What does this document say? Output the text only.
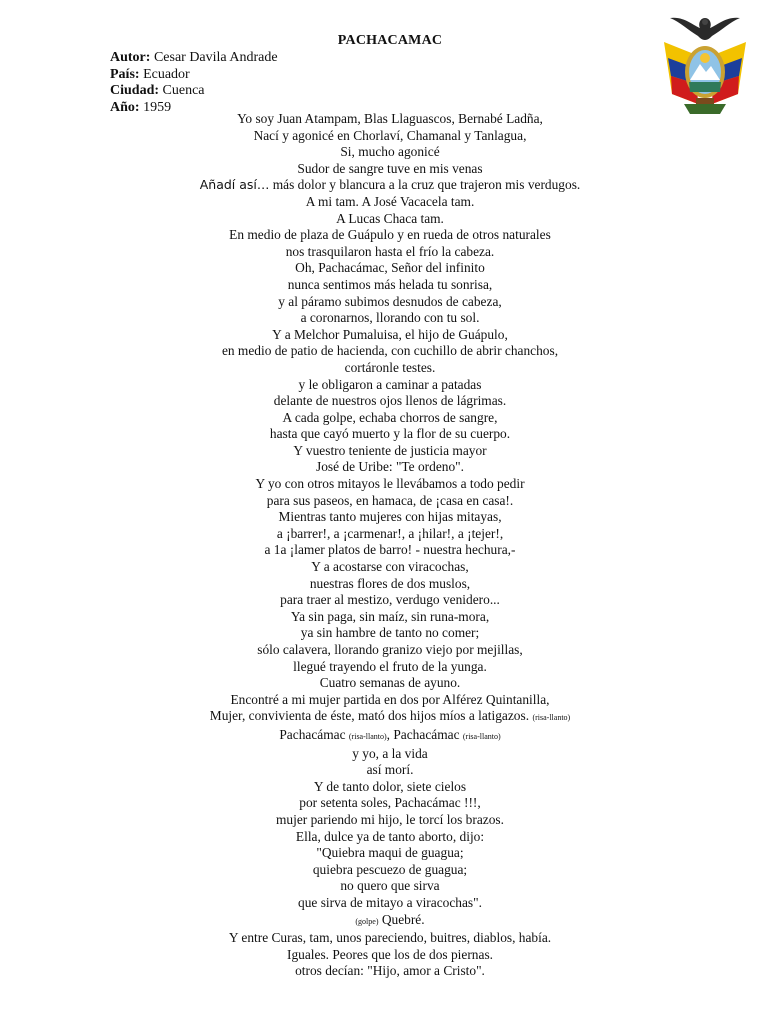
PACHACAMAC
Autor: Cesar Davila Andrade
País: Ecuador
Ciudad: Cuenca
Año: 1959
Yo soy Juan Atampam, Blas Llaguascos, Bernabé Ladña,
Nací y agonicé en Chorlaví, Chamanal y Tanlagua,
Si, mucho agonicé
Sudor de sangre tuve en mis venas
Añadí así… más dolor y blancura a la cruz que trajeron mis verdugos.
A mi tam. A José Vacacela tam.
A Lucas Chaca tam.
En medio de plaza de Guápulo y en rueda de otros naturales
nos trasquilaron hasta el frío la cabeza.
Oh, Pachacámac, Señor del infinito
nunca sentimos más helada tu sonrisa,
y al páramo subimos desnudos de cabeza,
a coronarnos, llorando con tu sol.
Y a Melchor Pumaluisa, el hijo de Guápulo,
en medio de patio de hacienda, con cuchillo de abrir chanchos,
cortáronle testes.
y le obligaron a caminar a patadas
delante de nuestros ojos llenos de lágrimas.
A cada golpe, echaba chorros de sangre,
hasta que cayó muerto y la flor de su cuerpo.
Y vuestro teniente de justicia mayor
José de Uribe: "Te ordeno".
Y yo con otros mitayos le llevábamos a todo pedir
para sus paseos, en hamaca, de ¡casa en casa!.
Mientras tanto mujeres con hijas mitayas,
a ¡barrer!, a ¡carmenar!, a ¡hilar!, a ¡tejer!,
a 1a ¡lamer platos de barro! - nuestra hechura,-
Y a acostarse con viracochas,
nuestras flores de dos muslos,
para traer al mestizo, verdugo venidero...
Ya sin paga, sin maíz, sin runa-mora,
ya sin hambre de tanto no comer;
sólo calavera, llorando granizo viejo por mejillas,
llegué trayendo el fruto de la yunga.
Cuatro semanas de ayuno.
Encontré a mi mujer partida en dos por Alférez Quintanilla,
Mujer, convivienta de éste, mató dos hijos míos a latigazos. (risa-llanto)
Pachacámac (risa-llanto), Pachacámac (risa-llanto)
y yo, a la vida
así morí.
Y de tanto dolor, siete cielos
por setenta soles, Pachacámac !!!,
mujer pariendo mi hijo, le torcí los brazos.
Ella, dulce ya de tanto aborto, dijo:
"Quiebra maqui de guagua;
quiebra pescuezo de guagua;
no quero que sirva
que sirva de mitayo a viracochas".
(golpe) Quebré.
Y entre Curas, tam, unos pareciendo, buitres, diablos, había.
Iguales. Peores que los de dos piernas.
otros decían: "Hijo, amor a Cristo".
